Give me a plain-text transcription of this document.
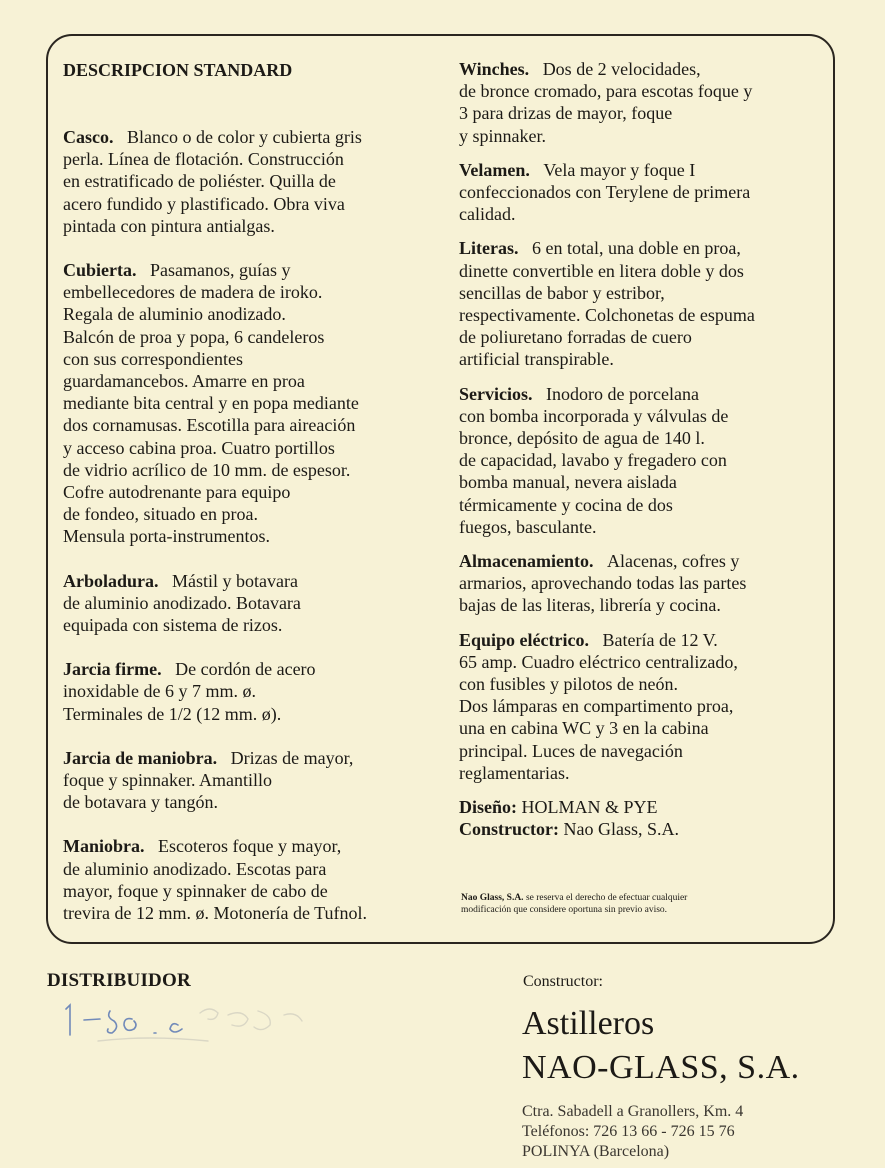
DESCRIPCION STANDARD

Casco. Blanco o de color y cubierta gris
perla. Línea de flotación. Construcción
en estratificado de poliéster. Quilla de
acero fundido y plastificado. Obra viva
pintada con pintura antialgas.
Cubierta. Pasamanos, guías y
embellecedores de madera de iroko.
Regala de aluminio anodizado.
Balcón de proa y popa, 6 candeleros
con sus correspondientes
guardamancebos. Amarre en proa
mediante bita central y en popa mediante
dos cornamusas. Escotilla para aireación
y acceso cabina proa. Cuatro portillos
de vidrio acrílico de 10 mm. de espesor.
Cofre autodrenante para equipo
de fondeo, situado en proa.
Mensula porta-instrumentos.
Arboladura. Mástil y botavara
de aluminio anodizado. Botavara
equipada con sistema de rizos.
Jarcia firme. De cordón de acero
inoxidable de 6 y 7 mm. ø.
Terminales de 1/2 (12 mm. ø).
Jarcia de maniobra. Drizas de mayor,
foque y spinnaker. Amantillo
de botavara y tangón.
Maniobra. Escoteros foque y mayor,
de aluminio anodizado. Escotas para
mayor, foque y spinnaker de cabo de
trevira de 12 mm. ø. Motonería de Tufnol.
Winches. Dos de 2 velocidades,
de bronce cromado, para escotas foque y
3 para drizas de mayor, foque
y spinnaker.
Velamen. Vela mayor y foque I
confeccionados con Terylene de primera
calidad.
Literas. 6 en total, una doble en proa,
dinette convertible en litera doble y dos
sencillas de babor y estribor,
respectivamente. Colchonetas de espuma
de poliuretano forradas de cuero
artificial transpirable.
Servicios. Inodoro de porcelana
con bomba incorporada y válvulas de
bronce, depósito de agua de 140 l.
de capacidad, lavabo y fregadero con
bomba manual, nevera aislada
térmicamente y cocina de dos
fuegos, basculante.
Almacenamiento. Alacenas, cofres y
armarios, aprovechando todas las partes
bajas de las literas, librería y cocina.
Equipo eléctrico. Batería de 12 V.
65 amp. Cuadro eléctrico centralizado,
con fusibles y pilotos de neón.
Dos lámparas en compartimento proa,
una en cabina WC y 3 en la cabina
principal. Luces de navegación
reglamentarias.
Diseño: HOLMAN & PYE
Constructor: Nao Glass, S.A.
Nao Glass, S.A. se reserva el derecho de efectuar cualquier
modificación que considere oportuna sin previo aviso.
DISTRIBUIDOR	Constructor:
Astilleros
NAO-GLASS, S.A.
Ctra. Sabadell a Granollers, Km. 4
Teléfonos: 726 13 66 - 726 15 76
POLINYA (Barcelona)
